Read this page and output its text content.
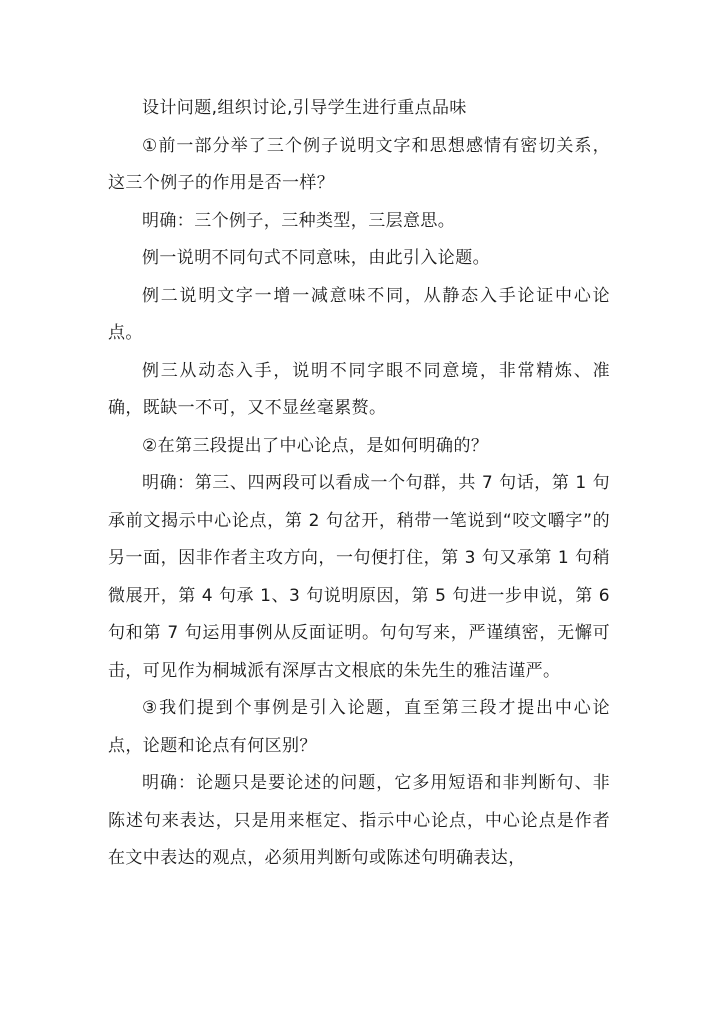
设计问题,组织讨论,引导学生进行重点品味

①前一部分举了三个例子说明文字和思想感情有密切关系，这三个例子的作用是否一样？

明确：三个例子，三种类型，三层意思。

例一说明不同句式不同意味，由此引入论题。

例二说明文字一增一减意味不同，从静态入手论证中心论点。

例三从动态入手，说明不同字眼不同意境，非常精炼、准确，既缺一不可，又不显丝毫累赘。

②在第三段提出了中心论点，是如何明确的？

明确：第三、四两段可以看成一个句群，共 7 句话，第 1 句承前文揭示中心论点，第 2 句岔开，稍带一笔说到“咬文嚼字”的另一面，因非作者主攻方向，一句便打住，第 3 句又承第 1 句稍微展开，第 4 句承 1、3 句说明原因，第 5 句进一步申说，第 6 句和第 7 句运用事例从反面证明。句句写来，严谨缜密，无懈可击，可见作为桐城派有深厚古文根底的朱先生的雅洁谨严。

③我们提到个事例是引入论题，直至第三段才提出中心论点，论题和论点有何区别？

明确：论题只是要论述的问题，它多用短语和非判断句、非陈述句来表达，只是用来框定、指示中心论点，中心论点是作者在文中表达的观点，必须用判断句或陈述句明确表达，
